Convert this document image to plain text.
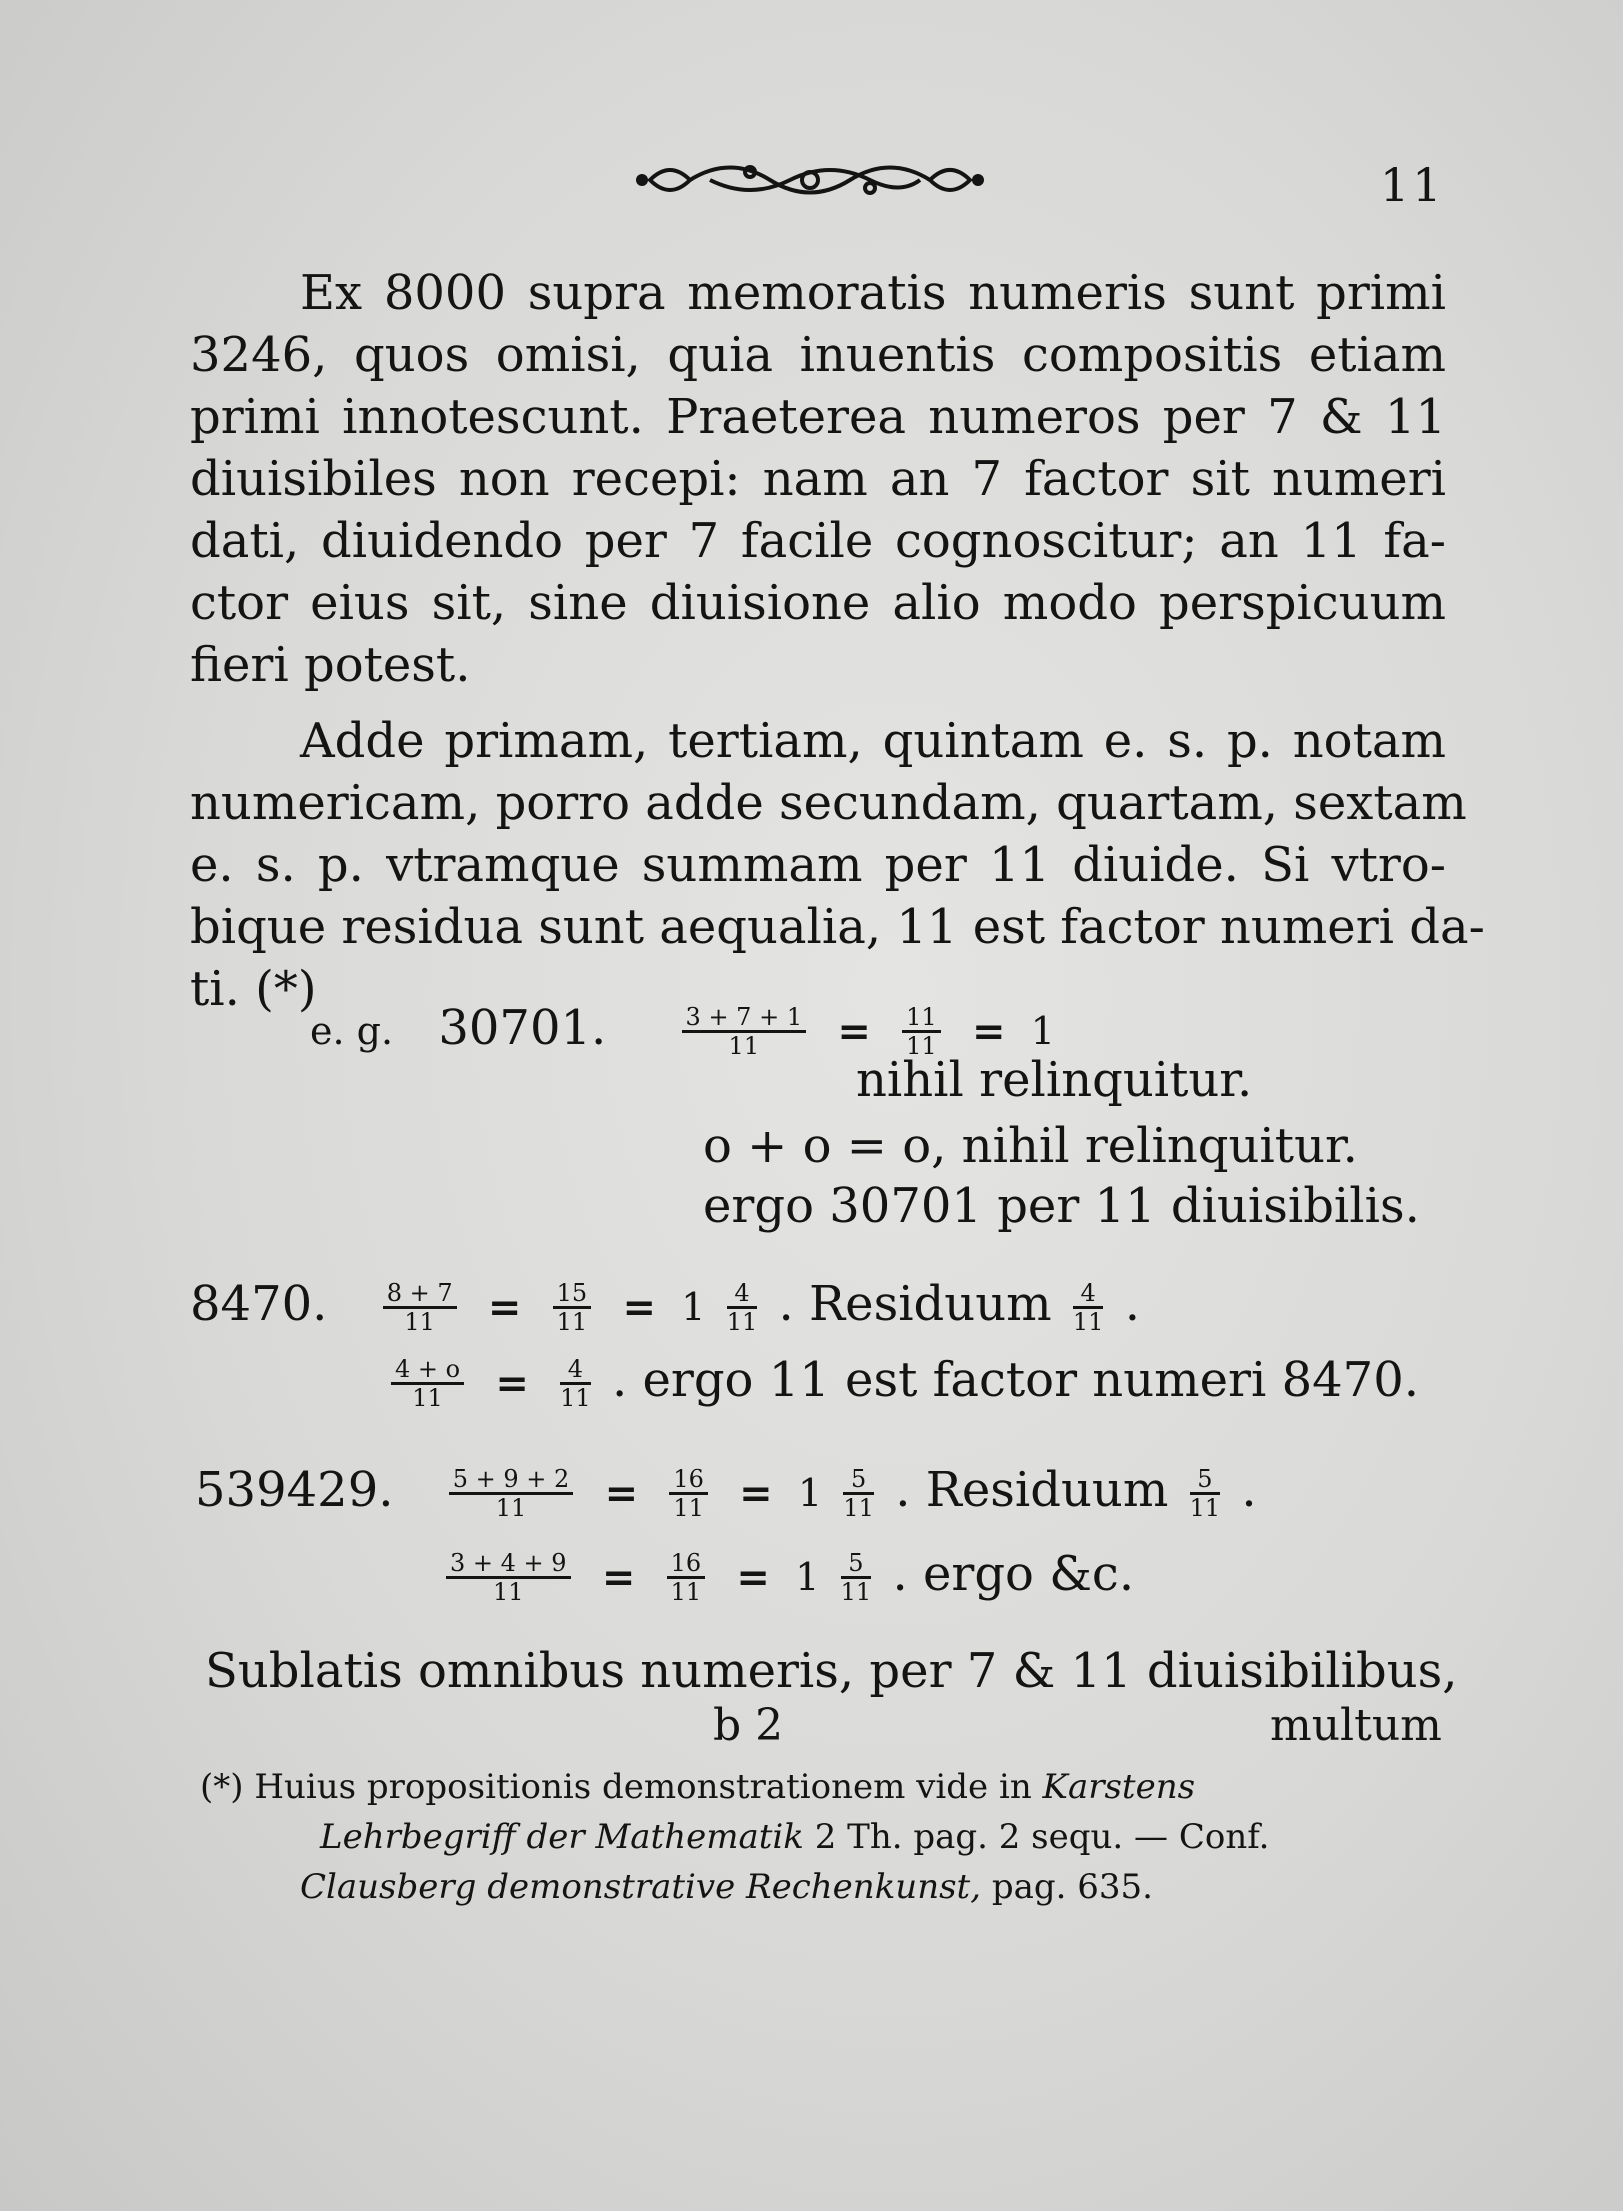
11
Ex 8000 supra memoratis numeris sunt primi
3246, quos omisi, quia inuentis compositis etiam
primi innotescunt. Praeterea numeros per 7 & 11
diuisibiles non recepi: nam an 7 factor sit numeri
dati, diuidendo per 7 facile cognoscitur; an 11 fa-
ctor eius sit, sine diuisione alio modo perspicuum
fieri potest.
Adde primam, tertiam, quintam e. s. p. notam
numericam, porro adde secundam, quartam, sextam
e. s. p. vtramque summam per 11 diuide. Si vtro-
bique residua sunt aequalia, 11 est factor numeri da-
ti. (*)
e. g. 30701.	$\frac{3 + 7 + 1}{11} = \frac{11}{11} = 1$
nihil relinquitur.
o + o = o, nihil relinquitur.
ergo 30701 per 11 diuisibilis.
8470. $\frac{8 + 7}{11} = \frac{15}{11} = 1 \frac{4}{11}$ . Residuum $\frac{4}{11}$ .
$\frac{4 + o}{11} = \frac{4}{11}$ . ergo 11 est factor numeri 8470.
539429. $\frac{5 + 9 + 2}{11} = \frac{16}{11} = 1 \frac{5}{11}$ . Residuum $\frac{5}{11}$ .
$\frac{3 + 4 + 9}{11} = \frac{16}{11} = 1 \frac{5}{11}$ . ergo &c.
Sublatis omnibus numeris, per 7 & 11 diuisibilibus,
b 2	multum
(*) Huius propositionis demonstrationem vide in Karstens
Lehrbegriff der Mathematik 2 Th. pag. 2 sequ. — Conf.
Clausberg demonstrative Rechenkunst, pag. 635.
